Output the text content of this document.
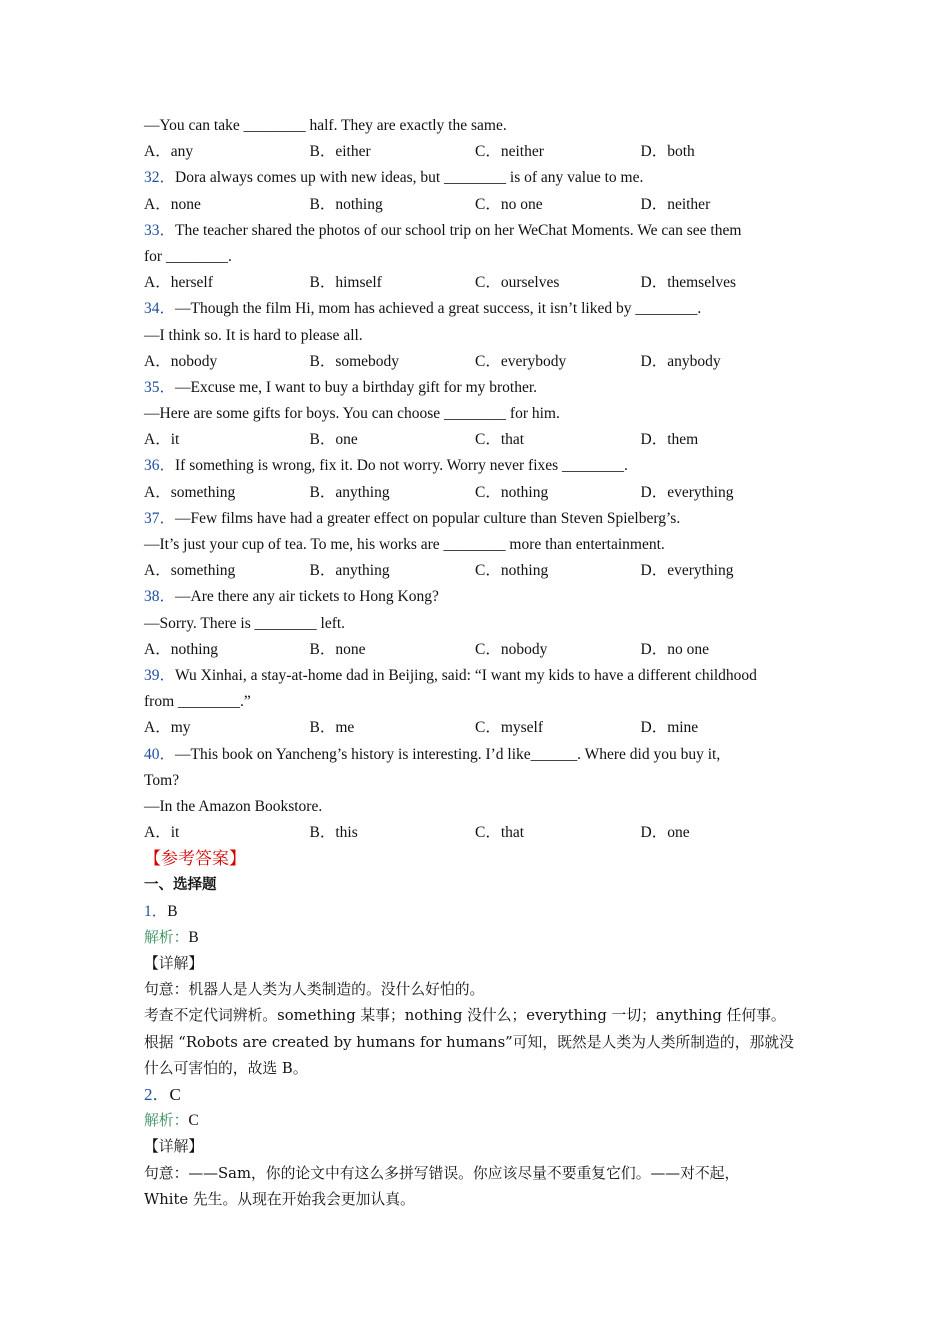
—You can take ________ half. They are exactly the same.
A．any	B．either	C．neither	D．both
32．Dora always comes up with new ideas, but ________ is of any value to me.
A．none	B．nothing	C．no one	D．neither
33．The teacher shared the photos of our school trip on her WeChat Moments. We can see them
for ________.
A．herself	B．himself	C．ourselves	D．themselves
34．—Though the film Hi, mom has achieved a great success, it isn’t liked by ________.
—I think so. It is hard to please all.
A．nobody	B．somebody	C．everybody	D．anybody
35．—Excuse me, I want to buy a birthday gift for my brother.
—Here are some gifts for boys. You can choose ________ for him.
A．it	B．one	C．that	D．them
36．If something is wrong, fix it. Do not worry. Worry never fixes ________.
A．something	B．anything	C．nothing	D．everything
37．—Few films have had a greater effect on popular culture than Steven Spielberg’s.
—It’s just your cup of tea. To me, his works are ________ more than entertainment.
A．something	B．anything	C．nothing	D．everything
38．—Are there any air tickets to Hong Kong?
—Sorry. There is ________ left.
A．nothing	B．none	C．nobody	D．no one
39．Wu Xinhai, a stay-at-home dad in Beijing, said: “I want my kids to have a different childhood
from ________.”
A．my	B．me	C．myself	D．mine
40．—This book on Yancheng’s history is interesting. I’d like______. Where did you buy it,
Tom?
—In the Amazon Bookstore.
A．it	B．this	C．that	D．one
【参考答案】
一、选择题
1．B
解析：B
【详解】
句意：机器人是人类为人类制造的。没什么好怕的。
考查不定代词辨析。something 某事；nothing 没什么；everything 一切；anything 任何事。
根据 “Robots are created by humans for humans”可知，既然是人类为人类所制造的，那就没
什么可害怕的，故选 B。
2．C
解析：C
【详解】
句意：——Sam，你的论文中有这么多拼写错误。你应该尽量不要重复它们。——对不起，
White 先生。从现在开始我会更加认真。
